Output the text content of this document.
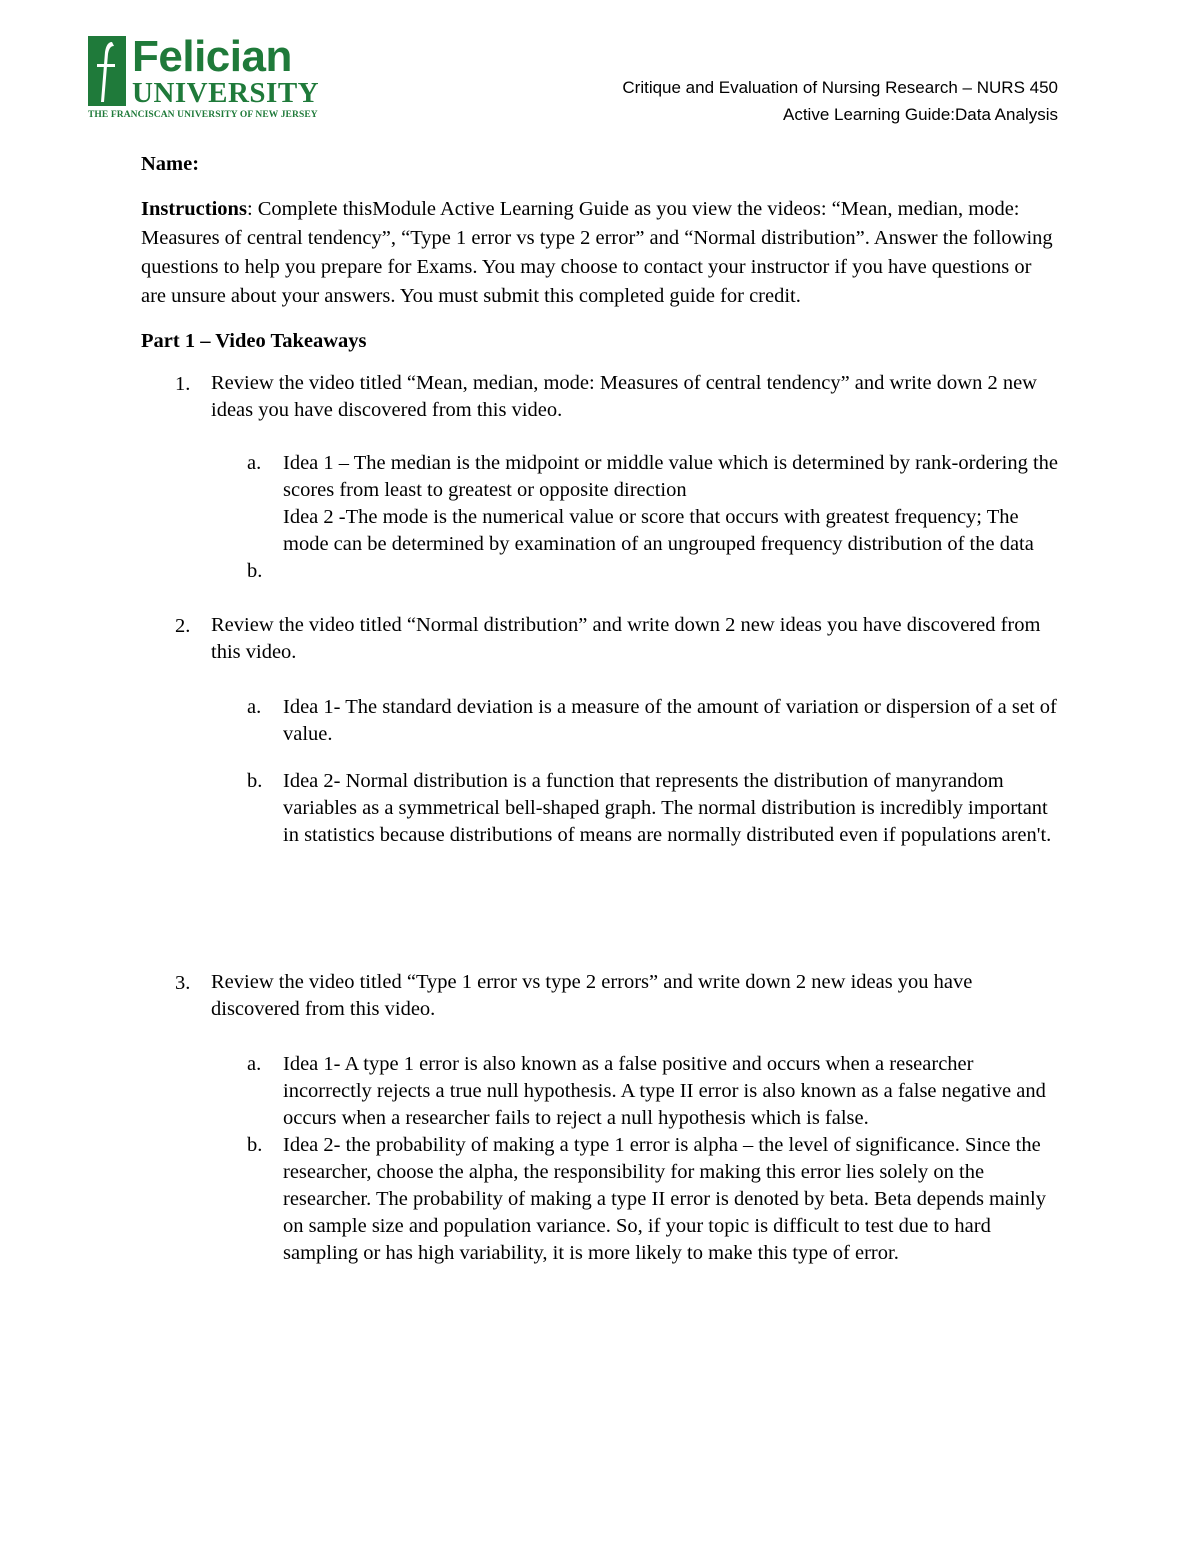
Felician
UNIVERSITY
THE FRANCISCAN UNIVERSITY OF NEW JERSEY
Critique and Evaluation of Nursing Research – NURS 450
Active Learning Guide:Data Analysis
Name:
Instructions: Complete thisModule Active Learning Guide as you view the videos: “Mean, median, mode: Measures of central tendency”, “Type 1 error vs type 2 error” and “Normal distribution”. Answer the following questions to help you prepare for Exams. You may choose to contact your instructor if you have questions or are unsure about your answers. You must submit this completed guide for credit.
Part 1 – Video Takeaways
1.	Review the video titled “Mean, median, mode: Measures of central tendency” and write down 2 new ideas you have discovered from this video.
a.	Idea 1 – The median is the midpoint or middle value which is determined by rank-ordering the scores from least to greatest or opposite direction
Idea 2 -The mode is the numerical value or score that occurs with greatest frequency; The mode can be determined by examination of an ungrouped frequency distribution of the data
b.
2.	Review the video titled “Normal distribution” and write down 2 new ideas you have discovered from this video.
a.	Idea 1- The standard deviation is a measure of the amount of variation or dispersion of a set of value.
b.	Idea 2- Normal distribution is a function that represents the distribution of manyrandom variables as a symmetrical bell-shaped graph. The normal distribution is incredibly important in statistics because distributions of means are normally distributed even if populations aren't.
3.	Review the video titled “Type 1 error vs type 2 errors” and write down 2 new ideas you have discovered from this video.
a.	Idea 1- A type 1 error is also known as a false positive and occurs when a researcher incorrectly rejects a true null hypothesis. A type II error is also known as a false negative and occurs when a researcher fails to reject a null hypothesis which is false.
b.	Idea 2- the probability of making a type 1 error is alpha – the level of significance. Since the researcher, choose the alpha, the responsibility for making this error lies solely on the researcher. The probability of making a type II error is denoted by beta. Beta depends mainly on sample size and population variance. So, if your topic is difficult to test due to hard sampling or has high variability, it is more likely to make this type of error.
